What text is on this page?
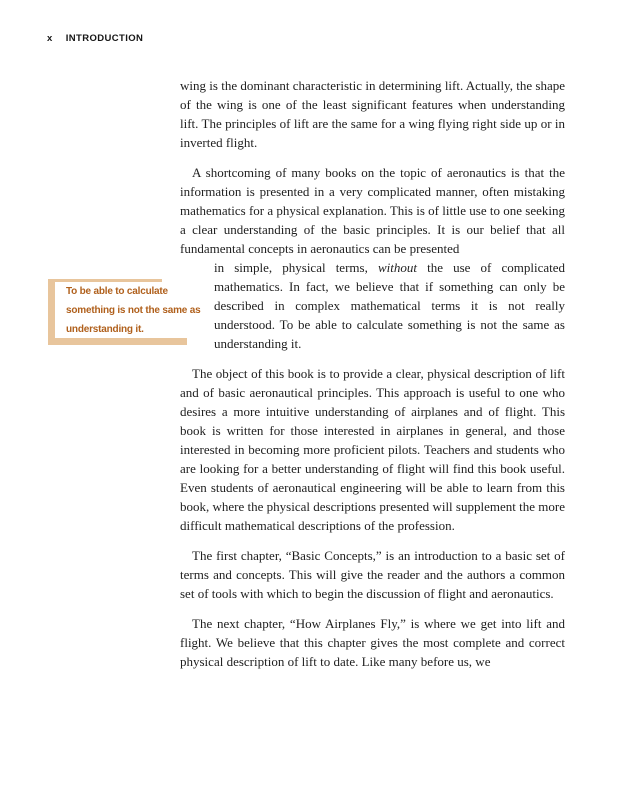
x INTRODUCTION
To be able to calculate something is not the same as understanding it.
wing is the dominant characteristic in determining lift. Actually, the shape of the wing is one of the least significant features when understanding lift. The principles of lift are the same for a wing flying right side up or in inverted flight.
A shortcoming of many books on the topic of aeronautics is that the information is presented in a very complicated manner, often mistaking mathematics for a physical explanation. This is of little use to one seeking a clear understanding of the basic principles. It is our belief that all fundamental concepts in aeronautics can be presented
in simple, physical terms, without the use of complicated mathematics. In fact, we believe that if something can only be described in complex mathematical terms it is not really understood. To be able to calculate something is not the same as understanding it.
The object of this book is to provide a clear, physical description of lift and of basic aeronautical principles. This approach is useful to one who desires a more intuitive understanding of airplanes and of flight. This book is written for those interested in airplanes in general, and those interested in becoming more proficient pilots. Teachers and students who are looking for a better understanding of flight will find this book useful. Even students of aeronautical engineering will be able to learn from this book, where the physical descriptions presented will supplement the more difficult mathematical descriptions of the profession.
The first chapter, “Basic Concepts,” is an introduction to a basic set of terms and concepts. This will give the reader and the authors a common set of tools with which to begin the discussion of flight and aeronautics.
The next chapter, “How Airplanes Fly,” is where we get into lift and flight. We believe that this chapter gives the most complete and correct physical description of lift to date. Like many before us, we
